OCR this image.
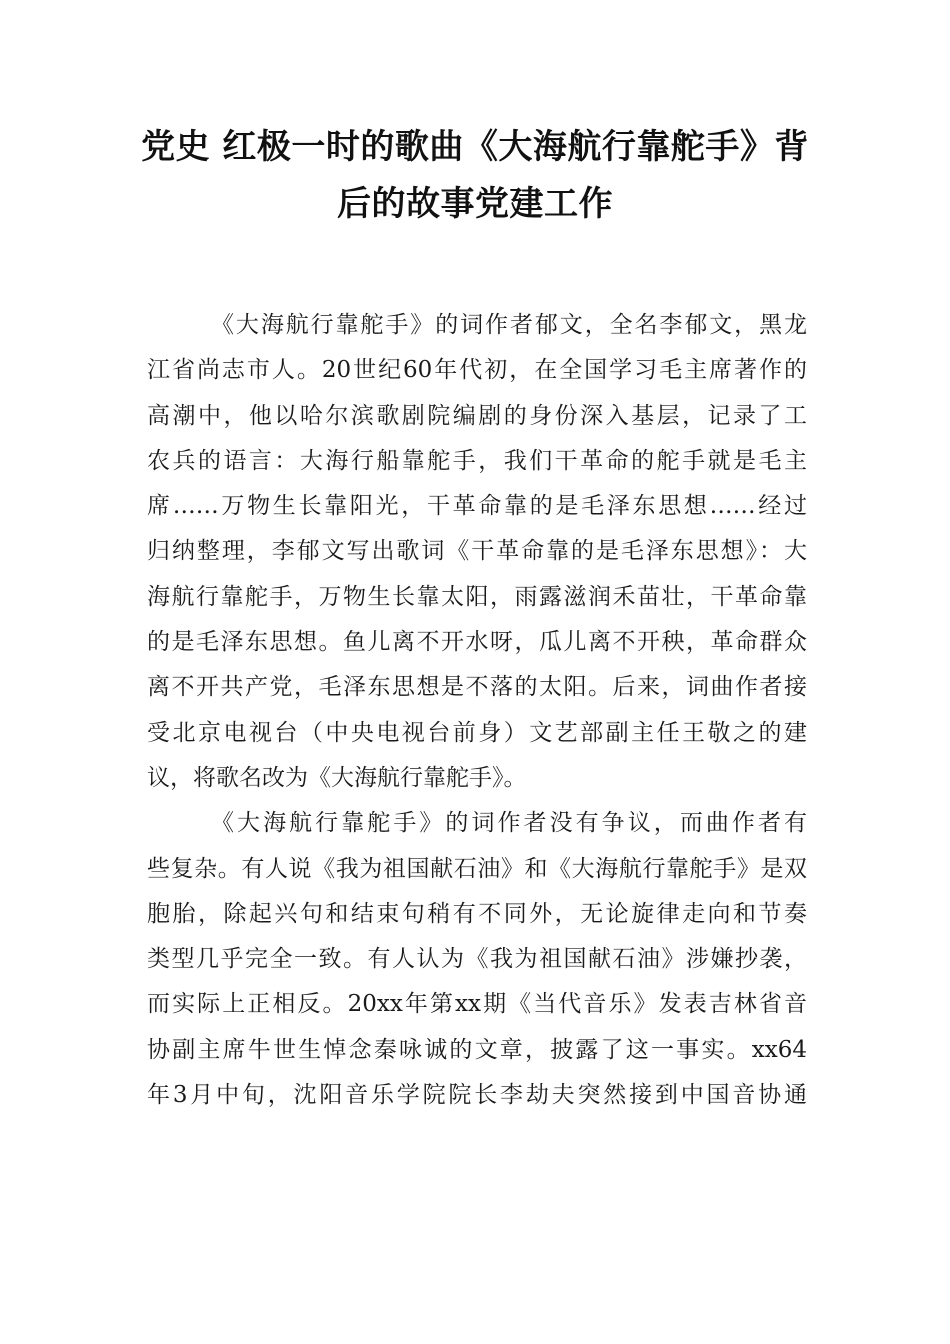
党史 红极一时的歌曲《大海航行靠舵手》背
后的故事党建工作
《大海航行靠舵手》的词作者郁文，全名李郁文，黑龙
江省尚志市人。20世纪60年代初，在全国学习毛主席著作的
高潮中，他以哈尔滨歌剧院编剧的身份深入基层，记录了工
农兵的语言：大海行船靠舵手，我们干革命的舵手就是毛主
席……万物生长靠阳光，干革命靠的是毛泽东思想……经过
归纳整理，李郁文写出歌词《干革命靠的是毛泽东思想》：大
海航行靠舵手，万物生长靠太阳，雨露滋润禾苗壮，干革命靠
的是毛泽东思想。鱼儿离不开水呀，瓜儿离不开秧，革命群众
离不开共产党，毛泽东思想是不落的太阳。后来，词曲作者接
受北京电视台（中央电视台前身）文艺部副主任王敬之的建
议，将歌名改为《大海航行靠舵手》。
《大海航行靠舵手》的词作者没有争议，而曲作者有
些复杂。有人说《我为祖国献石油》和《大海航行靠舵手》是双
胞胎，除起兴句和结束句稍有不同外，无论旋律走向和节奏
类型几乎完全一致。有人认为《我为祖国献石油》涉嫌抄袭，
而实际上正相反。20xx年第xx期《当代音乐》发表吉林省音
协副主席牛世生悼念秦咏诚的文章，披露了这一事实。xx64
年3月中旬，沈阳音乐学院院长李劫夫突然接到中国音协通
